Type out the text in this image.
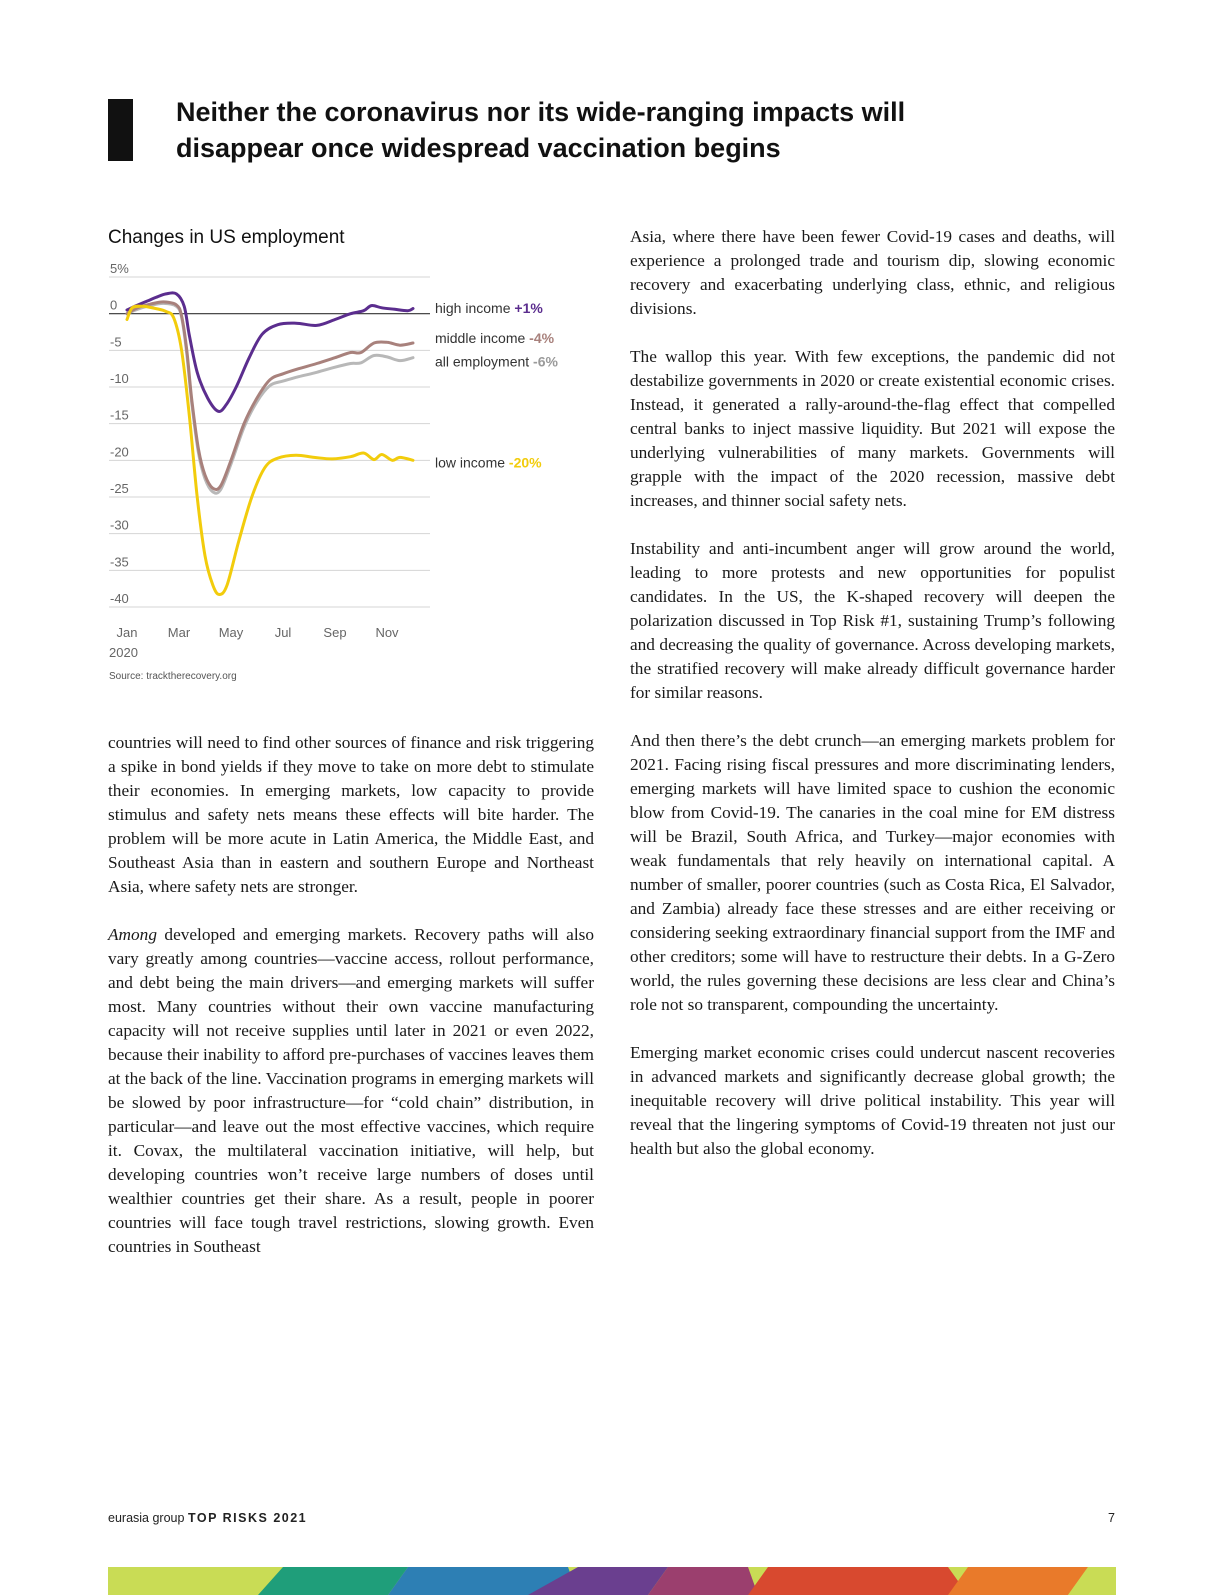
Neither the coronavirus nor its wide-ranging impacts will
disappear once widespread vaccination begins
Changes in US employment
5%
0
-5
-10
-15
-20
-25
-30
-35
-40
Jan Mar May Jul Sep Nov
2020
high income +1%
middle income -4%
all employment -6%
low income -20%
Source: tracktherecovery.org

countries will need to find other sources of finance and risk triggering a spike in bond yields if they move to take on more debt to stimulate their economies. In emerging markets, low capacity to provide stimulus and safety nets means these effects will bite harder. The problem will be more acute in Latin America, the Middle East, and Southeast Asia than in eastern and southern Europe and Northeast Asia, where safety nets are stronger.

Among developed and emerging markets. Recovery paths will also vary greatly among countries—vaccine access, rollout performance, and debt being the main drivers—and emerging markets will suffer most. Many countries without their own vaccine manufacturing capacity will not receive supplies until later in 2021 or even 2022, because their inability to afford pre-purchases of vaccines leaves them at the back of the line. Vaccination programs in emerging markets will be slowed by poor infrastructure—for “cold chain” distribution, in particular—and leave out the most effective vaccines, which require it. Covax, the multilateral vaccination initiative, will help, but developing countries won’t receive large numbers of doses until wealthier countries get their share. As a result, people in poorer countries will face tough travel restrictions, slowing growth. Even countries in Southeast

Asia, where there have been fewer Covid-19 cases and deaths, will experience a prolonged trade and tourism dip, slowing economic recovery and exacerbating underlying class, ethnic, and religious divisions.

The wallop this year. With few exceptions, the pandemic did not destabilize governments in 2020 or create existential economic crises. Instead, it generated a rally-around-the-flag effect that compelled central banks to inject massive liquidity. But 2021 will expose the underlying vulnerabilities of many markets. Governments will grapple with the impact of the 2020 recession, massive debt increases, and thinner social safety nets.

Instability and anti-incumbent anger will grow around the world, leading to more protests and new opportunities for populist candidates. In the US, the K-shaped recovery will deepen the polarization discussed in Top Risk #1, sustaining Trump’s following and decreasing the quality of governance. Across developing markets, the stratified recovery will make already difficult governance harder for similar reasons.

And then there’s the debt crunch—an emerging markets problem for 2021. Facing rising fiscal pressures and more discriminating lenders, emerging markets will have limited space to cushion the economic blow from Covid-19. The canaries in the coal mine for EM distress will be Brazil, South Africa, and Turkey—major economies with weak fundamentals that rely heavily on international capital. A number of smaller, poorer countries (such as Costa Rica, El Salvador, and Zambia) already face these stresses and are either receiving or considering seeking extraordinary financial support from the IMF and other creditors; some will have to restructure their debts. In a G-Zero world, the rules governing these decisions are less clear and China’s role not so transparent, compounding the uncertainty.

Emerging market economic crises could undercut nascent recoveries in advanced markets and significantly decrease global growth; the inequitable recovery will drive political instability. This year will reveal that the lingering symptoms of Covid-19 threaten not just our health but also the global economy.

eurasia group TOP RISKS 2021	7
